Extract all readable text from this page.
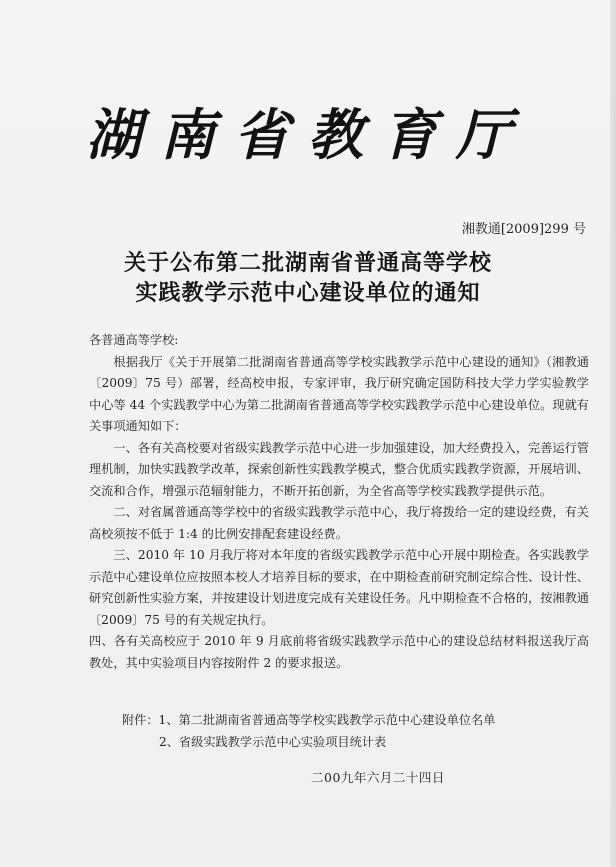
湖南省教育厅
湘教通[2009]299 号
关于公布第二批湖南省普通高等学校
实践教学示范中心建设单位的通知

各普通高等学校:

根据我厅《关于开展第二批湖南省普通高等学校实践教学示范中心建设的通知》（湘教通〔2009〕75 号）部署，经高校申报，专家评审，我厅研究确定国防科技大学力学实验教学中心等 44 个实践教学中心为第二批湖南省普通高等学校实践教学示范中心建设单位。现就有关事项通知如下：

一、各有关高校要对省级实践教学示范中心进一步加强建设，加大经费投入，完善运行管理机制，加快实践教学改革，探索创新性实践教学模式，整合优质实践教学资源，开展培训、交流和合作，增强示范辐射能力，不断开拓创新，为全省高等学校实践教学提供示范。

二、对省属普通高等学校中的省级实践教学示范中心，我厅将拨给一定的建设经费，有关高校须按不低于 1:4 的比例安排配套建设经费。

三、2010 年 10 月我厅将对本年度的省级实践教学示范中心开展中期检查。各实践教学示范中心建设单位应按照本校人才培养目标的要求，在中期检查前研究制定综合性、设计性、研究创新性实验方案，并按建设计划进度完成有关建设任务。凡中期检查不合格的，按湘教通〔2009〕75 号的有关规定执行。

四、各有关高校应于 2010 年 9 月底前将省级实践教学示范中心的建设总结材料报送我厅高教处，其中实验项目内容按附件 2 的要求报送。

附件：1、第二批湖南省普通高等学校实践教学示范中心建设单位名单
2、省级实践教学示范中心实验项目统计表
二00九年六月二十四日
